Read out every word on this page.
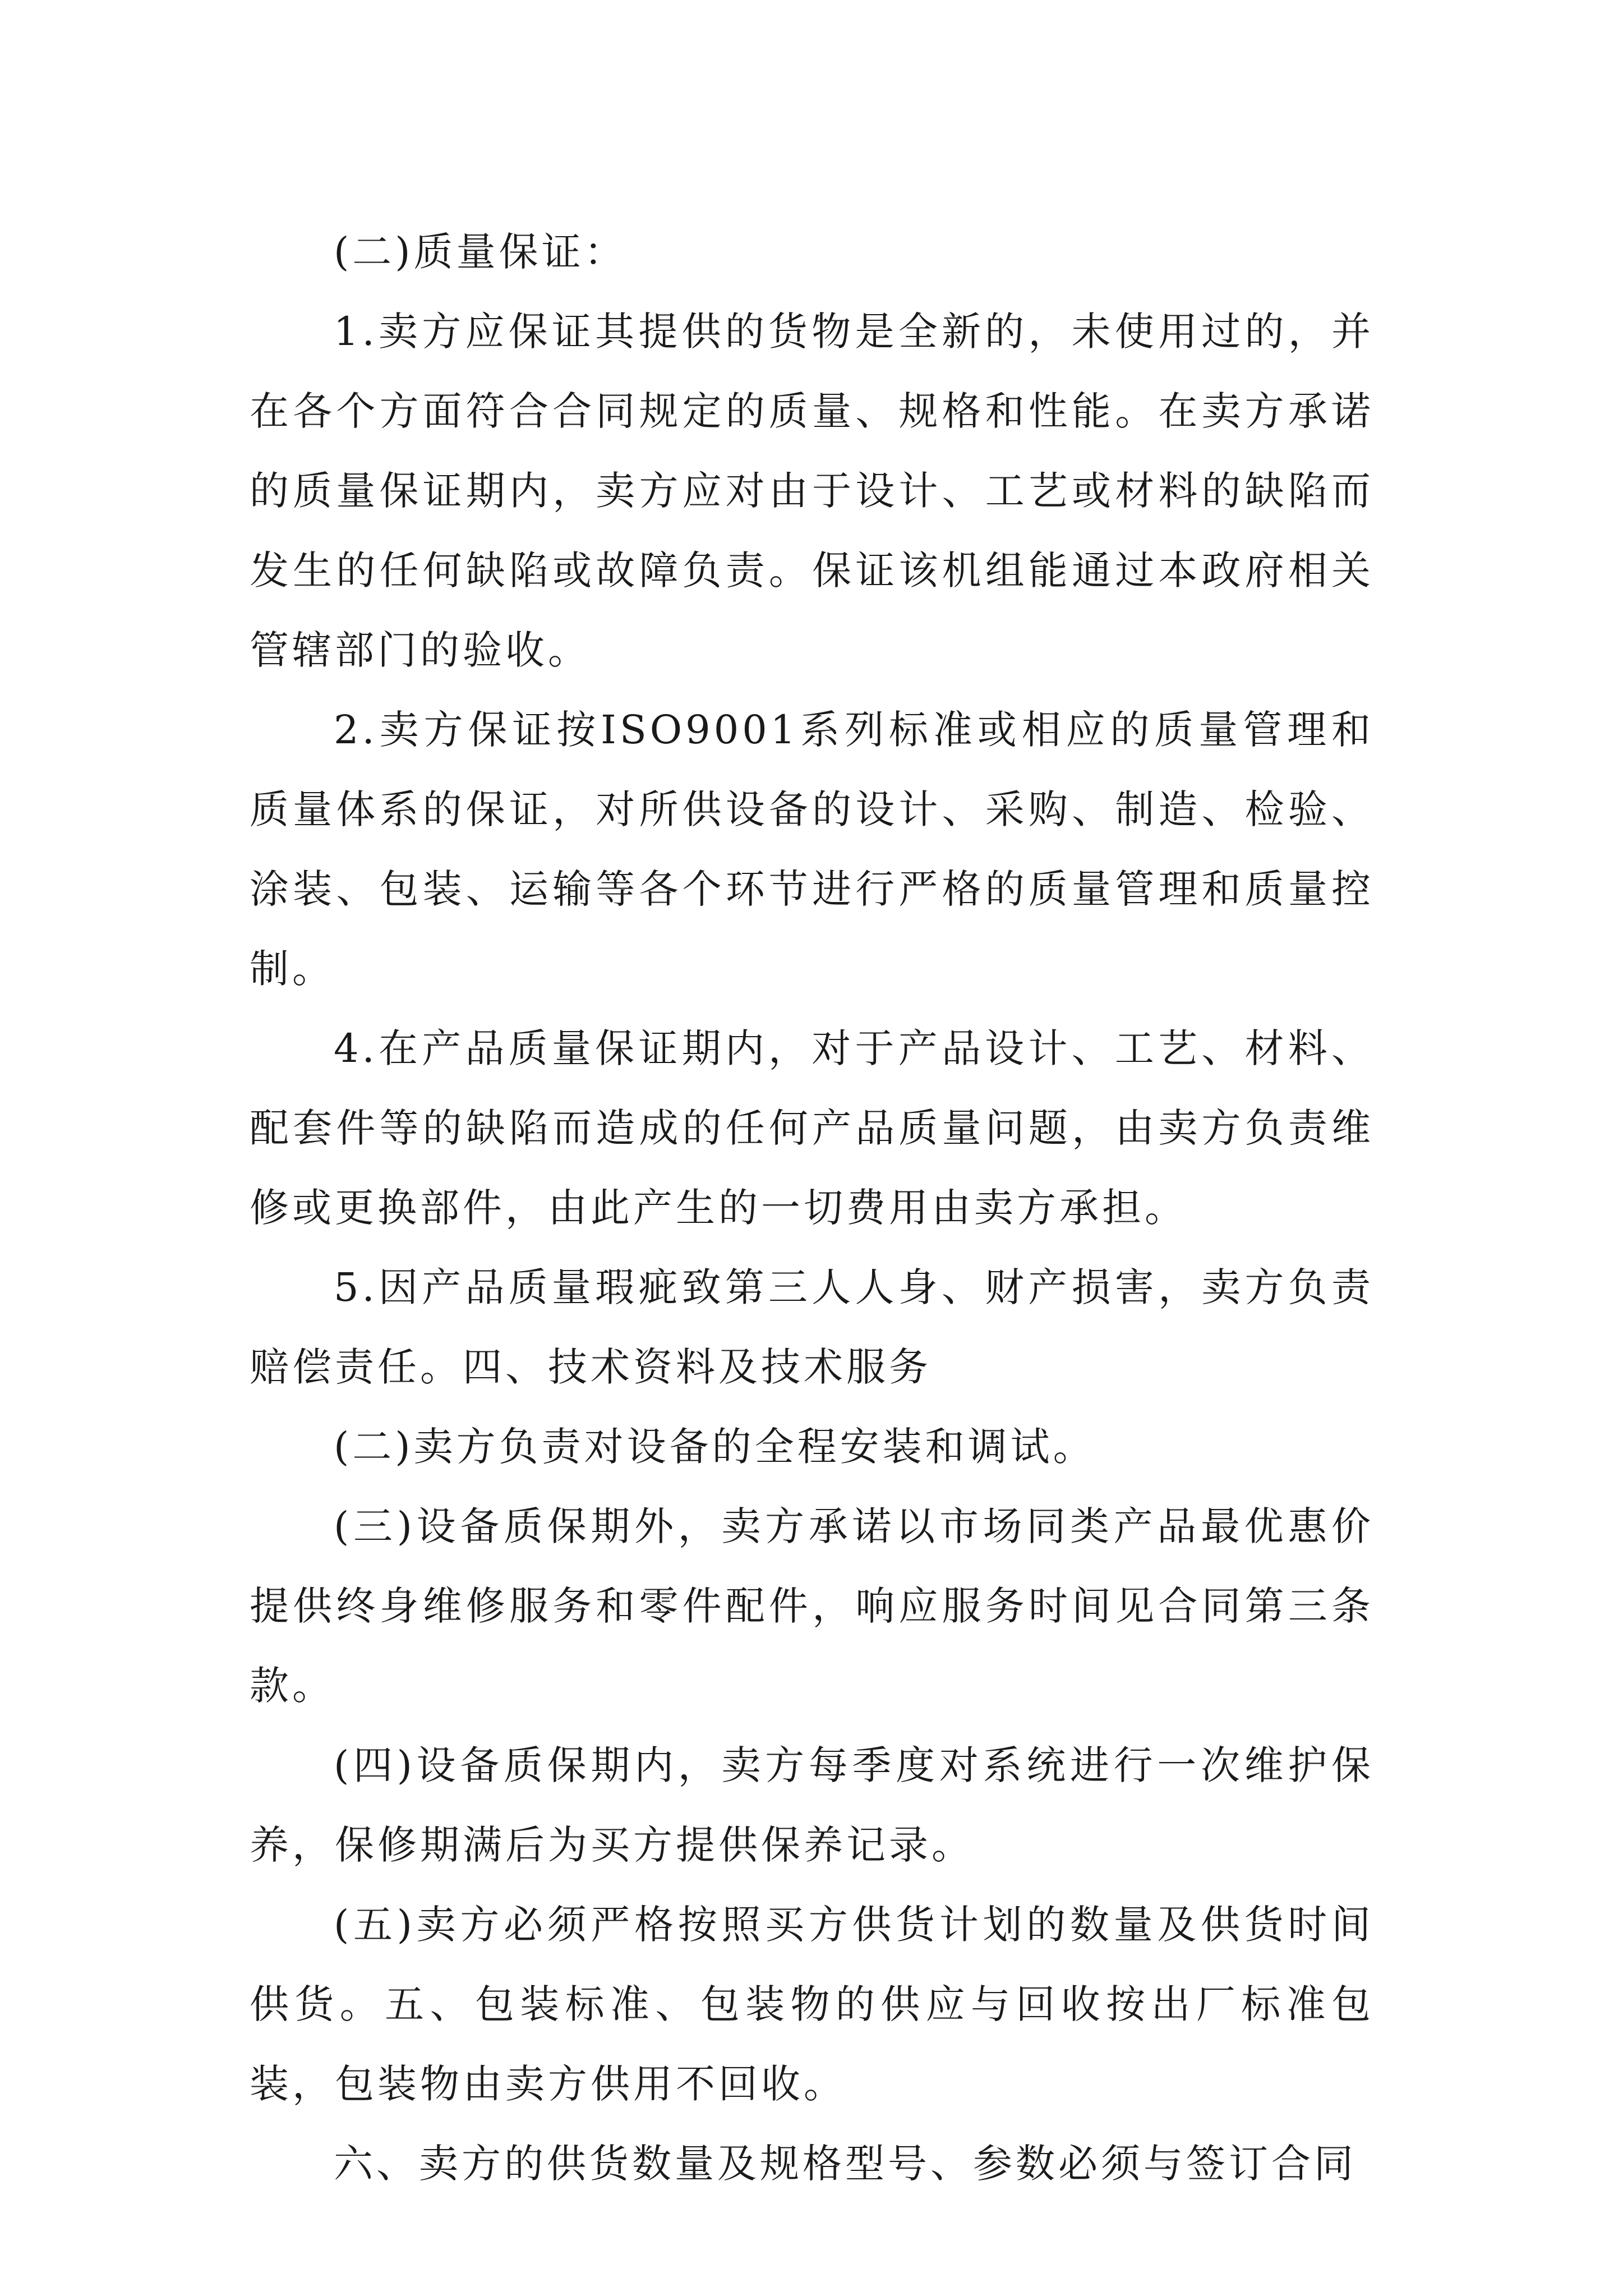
(二)质量保证：

1.卖方应保证其提供的货物是全新的，未使用过的，并在各个方面符合合同规定的质量、规格和性能。在卖方承诺的质量保证期内，卖方应对由于设计、工艺或材料的缺陷而发生的任何缺陷或故障负责。保证该机组能通过本政府相关管辖部门的验收。

2.卖方保证按ISO9001系列标准或相应的质量管理和质量体系的保证，对所供设备的设计、采购、制造、检验、涂装、包装、运输等各个环节进行严格的质量管理和质量控制。

4.在产品质量保证期内，对于产品设计、工艺、材料、配套件等的缺陷而造成的任何产品质量问题，由卖方负责维修或更换部件，由此产生的一切费用由卖方承担。

5.因产品质量瑕疵致第三人人身、财产损害，卖方负责赔偿责任。四、技术资料及技术服务

(二)卖方负责对设备的全程安装和调试。

(三)设备质保期外，卖方承诺以市场同类产品最优惠价提供终身维修服务和零件配件，响应服务时间见合同第三条款。

(四)设备质保期内，卖方每季度对系统进行一次维护保养，保修期满后为买方提供保养记录。

(五)卖方必须严格按照买方供货计划的数量及供货时间供货。五、包装标准、包装物的供应与回收按出厂标准包装，包装物由卖方供用不回收。

六、卖方的供货数量及规格型号、参数必须与签订合同
